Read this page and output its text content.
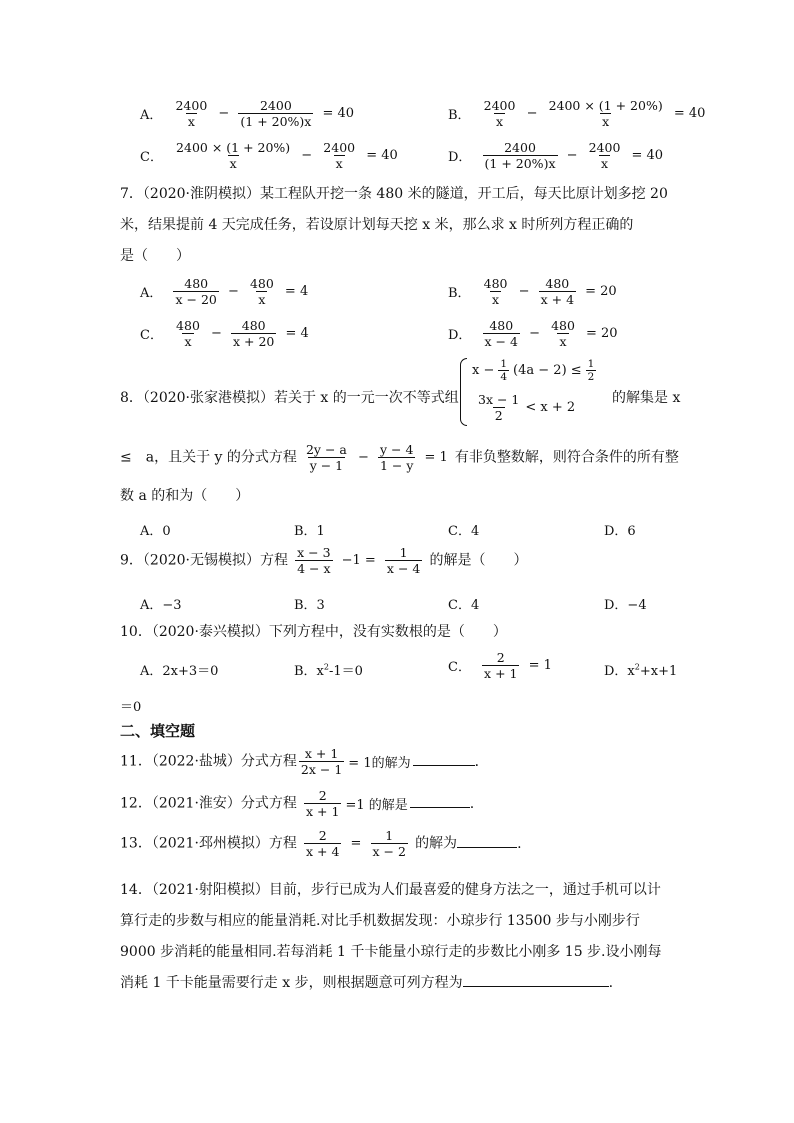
A． $\frac{2400}{x} - \frac{2400}{(1 + 20\%)x} = 40$	B． $\frac{2400}{x} - \frac{2400 \times (1 + 20\%)}{x} = 40$
C． $\frac{2400 \times (1 + 20\%)}{x} - \frac{2400}{x} = 40$	D． $\frac{2400}{(1 + 20\%)x} - \frac{2400}{x} = 40$
7．（2020·淮阴模拟）某工程队开挖一条 480 米的隧道，开工后，每天比原计划多挖 20
米，结果提前 4 天完成任务，若设原计划每天挖 x 米，那么求 x 时所列方程正确的
是（　　）
A． $\frac{480}{x - 20} - \frac{480}{x} = 4$	B． $\frac{480}{x} - \frac{480}{x + 4} = 20$
C． $\frac{480}{x} - \frac{480}{x + 20} = 4$	D． $\frac{480}{x - 4} - \frac{480}{x} = 20$
8．（2020·张家港模拟）若关于 x 的一元一次不等式组
$x - \frac{1}{4} (4a - 2) \le \frac{1}{2}$
$\frac{3x - 1}{2} < x + 2$
的解集是 x
≤　a，且关于 y 的分式方程 $\frac{2y - a}{y - 1} - \frac{y - 4}{1 - y} = 1$ 有非负整数解，则符合条件的所有整
数 a 的和为（　　）
A．0	B．1	C．4	D．6
9．（2020·无锡模拟）方程 $\frac{x - 3}{4 - x} -1 = \frac{1}{x - 4}$ 的解是（　　）
A．−3	B．3	C．4	D．−4
10．（2020·泰兴模拟）下列方程中，没有实数根的是（　　）
A．2x+3＝0	B．$x^2-1=0$	C． $\frac{2}{x + 1} = 1$	D．$x^2+x+1$
＝0
二、填空题
11．（2022·盐城）分式方程 $\frac{x + 1}{2x - 1} = 1$的解为	．
12．（2021·淮安）分式方程 $\frac{2}{x + 1} =1$ 的解是	.
13．（2021·邳州模拟）方程 $\frac{2}{x + 4} = \frac{1}{x - 2}$ 的解为	.
14．（2021·射阳模拟）目前，步行已成为人们最喜爱的健身方法之一，通过手机可以计
算行走的步数与相应的能量消耗.对比手机数据发现：小琼步行 13500 步与小刚步行
9000 步消耗的能量相同.若每消耗 1 千卡能量小琼行走的步数比小刚多 15 步.设小刚每
消耗 1 千卡能量需要行走 x 步，则根据题意可列方程为	.
